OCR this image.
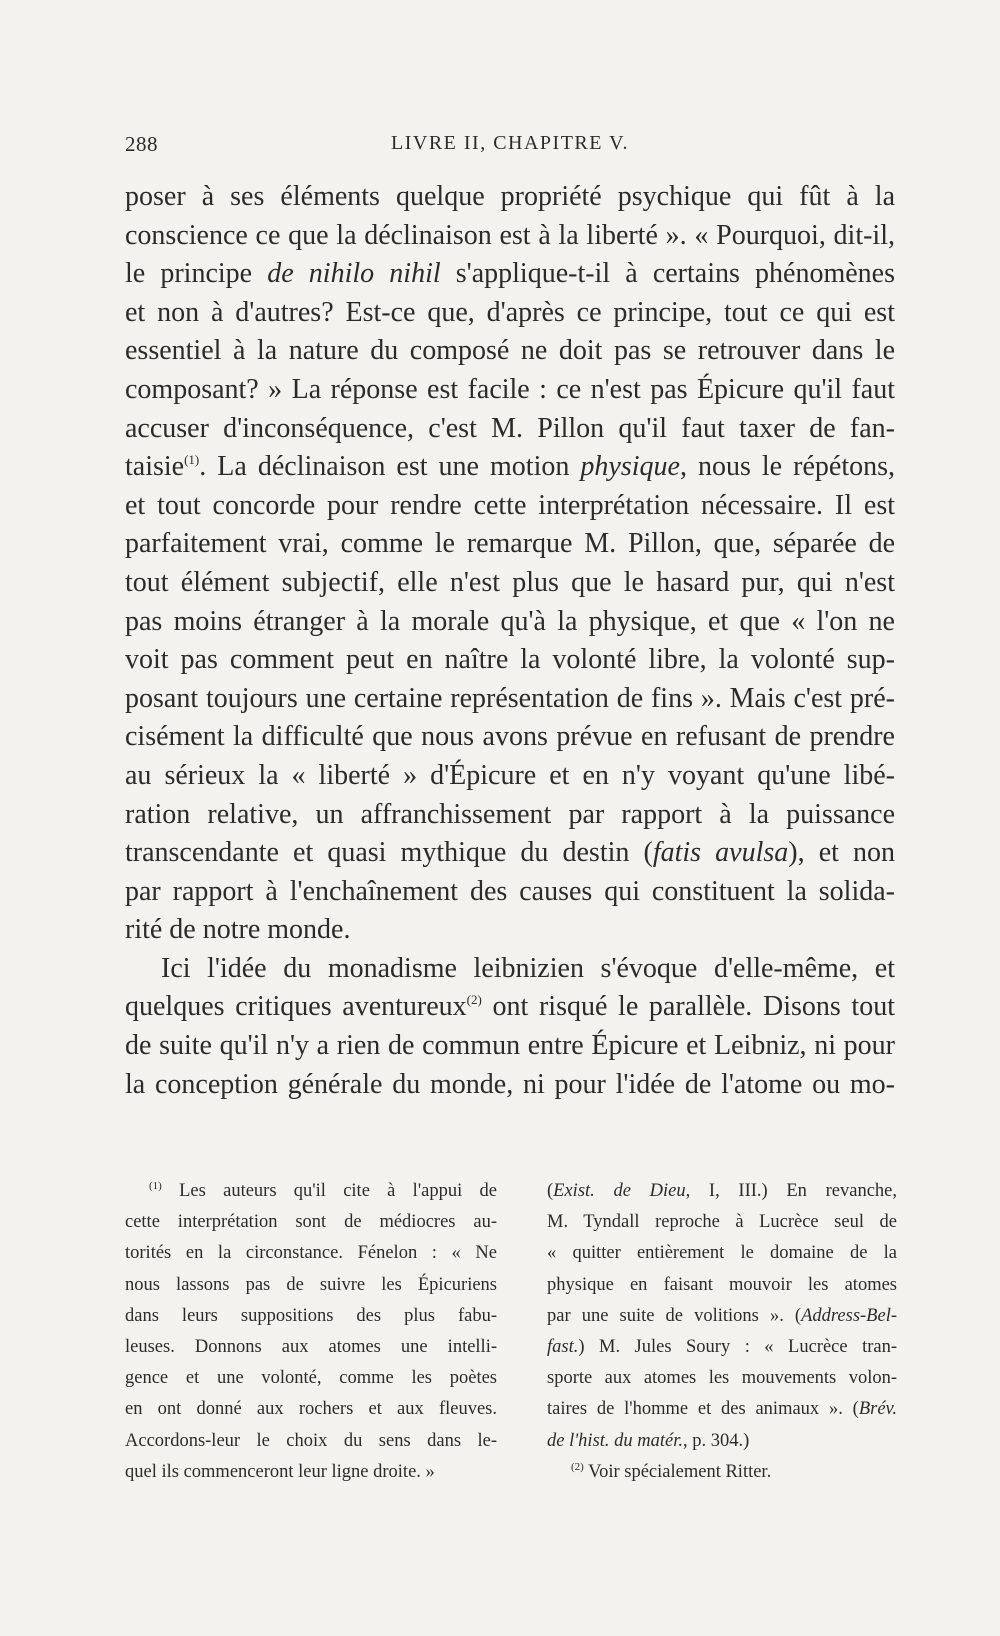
288	LIVRE II, CHAPITRE V.
poser à ses éléments quelque propriété psychique qui fût à la
conscience ce que la déclinaison est à la liberté ». « Pourquoi, dit-il,
le principe de nihilo nihil s'applique-t-il à certains phénomènes
et non à d'autres? Est-ce que, d'après ce principe, tout ce qui est
essentiel à la nature du composé ne doit pas se retrouver dans le
composant? » La réponse est facile : ce n'est pas Épicure qu'il faut
accuser d'inconséquence, c'est M. Pillon qu'il faut taxer de fan-
taisie$^{(1)}$. La déclinaison est une motion physique, nous le répétons,
et tout concorde pour rendre cette interprétation nécessaire. Il est
parfaitement vrai, comme le remarque M. Pillon, que, séparée de
tout élément subjectif, elle n'est plus que le hasard pur, qui n'est
pas moins étranger à la morale qu'à la physique, et que « l'on ne
voit pas comment peut en naître la volonté libre, la volonté sup-
posant toujours une certaine représentation de fins ». Mais c'est pré-
cisément la difficulté que nous avons prévue en refusant de prendre
au sérieux la « liberté » d'Épicure et en n'y voyant qu'une libé-
ration relative, un affranchissement par rapport à la puissance
transcendante et quasi mythique du destin (fatis avulsa), et non
par rapport à l'enchaînement des causes qui constituent la solida-
rité de notre monde.
Ici l'idée du monadisme leibnizien s'évoque d'elle-même, et
quelques critiques aventureux$^{(2)}$ ont risqué le parallèle. Disons tout
de suite qu'il n'y a rien de commun entre Épicure et Leibniz, ni pour
la conception générale du monde, ni pour l'idée de l'atome ou mo-
$^{(1)}$ Les auteurs qu'il cite à l'appui de
cette interprétation sont de médiocres au-
torités en la circonstance. Fénelon : « Ne
nous lassons pas de suivre les Épicuriens
dans leurs suppositions des plus fabu-
leuses. Donnons aux atomes une intelli-
gence et une volonté, comme les poètes
en ont donné aux rochers et aux fleuves.
Accordons-leur le choix du sens dans le-
quel ils commenceront leur ligne droite. »
(Exist. de Dieu, I, III.) En revanche,
M. Tyndall reproche à Lucrèce seul de
« quitter entièrement le domaine de la
physique en faisant mouvoir les atomes
par une suite de volitions ». (Address-Bel-
fast.) M. Jules Soury : « Lucrèce tran-
sporte aux atomes les mouvements volon-
taires de l'homme et des animaux ». (Brév.
de l'hist. du matér., p. 304.)
$^{(2)}$ Voir spécialement Ritter.
